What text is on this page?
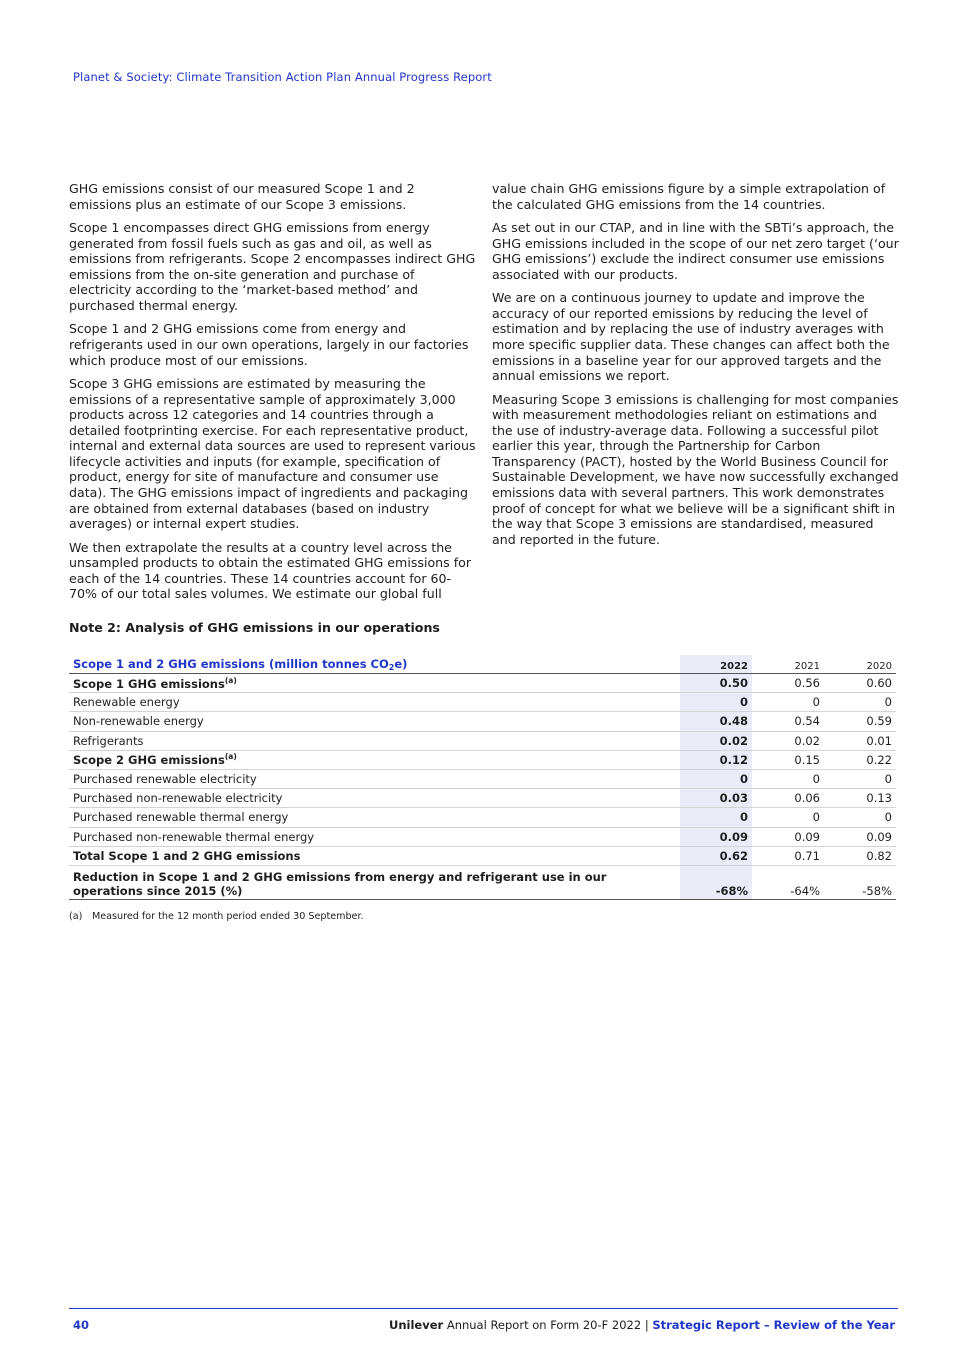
Planet & Society: Climate Transition Action Plan Annual Progress Report

GHG emissions consist of our measured Scope 1 and 2 emissions plus an estimate of our Scope 3 emissions.

Scope 1 encompasses direct GHG emissions from energy generated from fossil fuels such as gas and oil, as well as emissions from refrigerants. Scope 2 encompasses indirect GHG emissions from the on-site generation and purchase of electricity according to the ‘market-based method’ and purchased thermal energy.

Scope 1 and 2 GHG emissions come from energy and refrigerants used in our own operations, largely in our factories which produce most of our emissions.

Scope 3 GHG emissions are estimated by measuring the emissions of a representative sample of approximately 3,000 products across 12 categories and 14 countries through a detailed footprinting exercise. For each representative product, internal and external data sources are used to represent various lifecycle activities and inputs (for example, specification of product, energy for site of manufacture and consumer use data). The GHG emissions impact of ingredients and packaging are obtained from external databases (based on industry averages) or internal expert studies.

We then extrapolate the results at a country level across the unsampled products to obtain the estimated GHG emissions for each of the 14 countries. These 14 countries account for 60-70% of our total sales volumes. We estimate our global full

value chain GHG emissions figure by a simple extrapolation of the calculated GHG emissions from the 14 countries.

As set out in our CTAP, and in line with the SBTi’s approach, the GHG emissions included in the scope of our net zero target (‘our GHG emissions’) exclude the indirect consumer use emissions associated with our products.

We are on a continuous journey to update and improve the accuracy of our reported emissions by reducing the level of estimation and by replacing the use of industry averages with more specific supplier data. These changes can affect both the emissions in a baseline year for our approved targets and the annual emissions we report.

Measuring Scope 3 emissions is challenging for most companies with measurement methodologies reliant on estimations and the use of industry-average data. Following a successful pilot earlier this year, through the Partnership for Carbon Transparency (PACT), hosted by the World Business Council for Sustainable Development, we have now successfully exchanged emissions data with several partners. This work demonstrates proof of concept for what we believe will be a significant shift in the way that Scope 3 emissions are standardised, measured and reported in the future.

Note 2: Analysis of GHG emissions in our operations
Scope 1 and 2 GHG emissions (million tonnes $CO_2e$)	2022	2021	2020
Scope 1 GHG emissions$^{(a)}$	0.50	0.56	0.60
Renewable energy	0	0	0
Non-renewable energy	0.48	0.54	0.59
Refrigerants	0.02	0.02	0.01
Scope 2 GHG emissions$^{(a)}$	0.12	0.15	0.22
Purchased renewable electricity	0	0	0
Purchased non-renewable electricity	0.03	0.06	0.13
Purchased renewable thermal energy	0	0	0
Purchased non-renewable thermal energy	0.09	0.09	0.09
Total Scope 1 and 2 GHG emissions	0.62	0.71	0.82
Reduction in Scope 1 and 2 GHG emissions from energy and refrigerant use in our
operations since 2015 (%)	-68%	-64%	-58%
(a) Measured for the 12 month period ended 30 September.
40	Unilever Annual Report on Form 20-F 2022 | Strategic Report – Review of the Year
